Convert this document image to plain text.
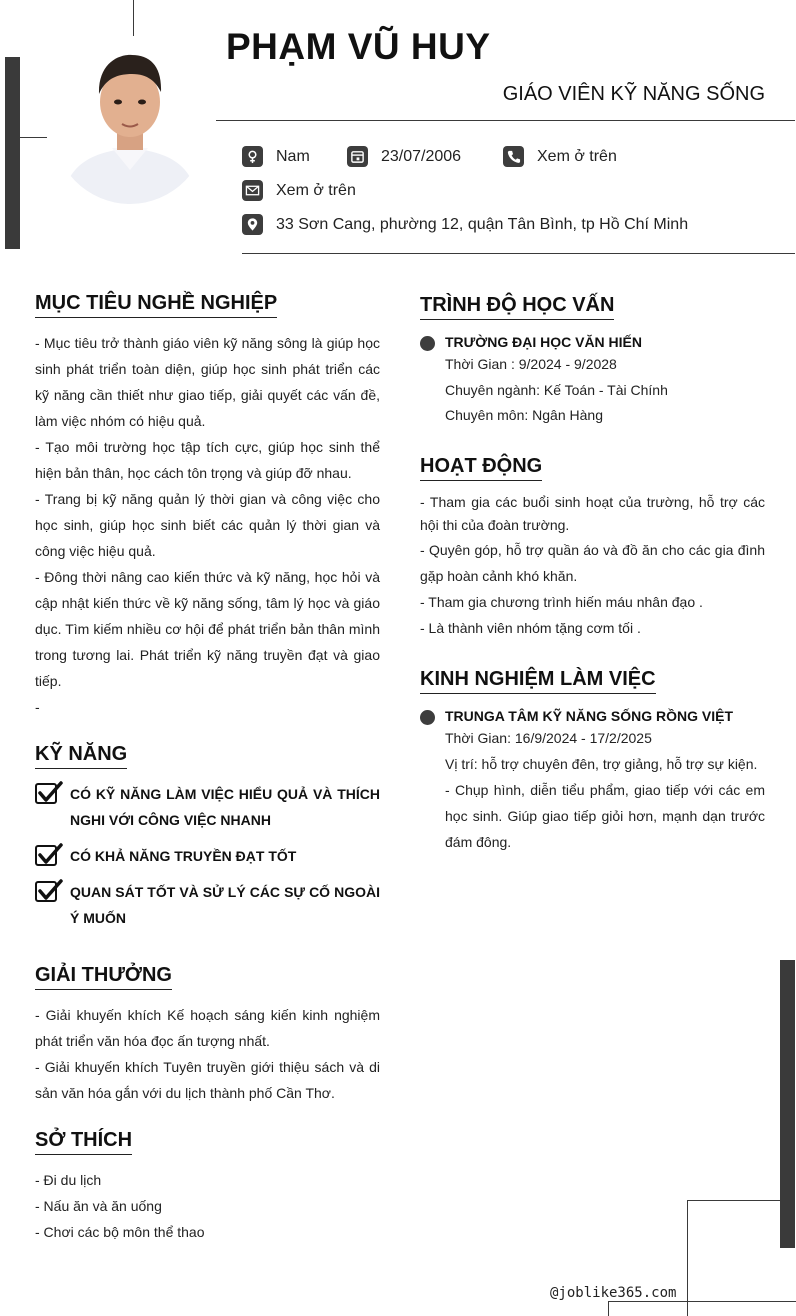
PHẠM VŨ HUY
GIÁO VIÊN KỸ NĂNG SỐNG
Nam	23/07/2006	Xem ở trên
Xem ở trên
33 Sơn Cang, phường 12, quận Tân Bình, tp Hồ Chí Minh
MỤC TIÊU NGHỀ NGHIỆP

- Mục tiêu trở thành giáo viên kỹ năng sông là giúp học sinh phát triển toàn diện, giúp học sinh phát triển các kỹ năng cần thiết như giao tiếp, giải quyết các vấn đề, làm việc nhóm có hiệu quả.

- Tạo môi trường học tập tích cực, giúp học sinh thể hiện bản thân, học cách tôn trọng và giúp đỡ nhau.

- Trang bị kỹ năng quản lý thời gian và công việc cho học sinh, giúp học sinh biết các quản lý thời gian và công việc hiệu quả.

- Đông thời nâng cao kiến thức và kỹ năng, học hỏi và cập nhật kiến thức về kỹ năng sống, tâm lý học và giáo dục. Tìm kiếm nhiều cơ hội để phát triển bản thân mình trong tương lai. Phát triển kỹ năng truyền đạt và giao tiếp.

-

KỸ NĂNG
CÓ KỸ NĂNG LÀM VIỆC HIỂU QUẢ VÀ THÍCH NGHI VỚI CÔNG VIỆC NHANH
CÓ KHẢ NĂNG TRUYỀN ĐẠT TỐT
QUAN SÁT TỐT VÀ SỬ LÝ CÁC SỰ CỐ NGOÀI Ý MUỐN
GIẢI THƯỞNG

- Giải khuyến khích Kế hoạch sáng kiến kinh nghiệm phát triển văn hóa đọc ấn tượng nhất.

- Giải khuyến khích Tuyên truyền giới thiệu sách và di sản văn hóa gắn với du lịch thành phố Cần Thơ.

SỞ THÍCH

- Đi du lịch

- Nấu ăn và ăn uống

- Chơi các bộ môn thể thao

TRÌNH ĐỘ HỌC VẤN
TRƯỜNG ĐẠI HỌC VĂN HIẾN
Thời Gian : 9/2024 - 9/2028
Chuyên ngành: Kế Toán - Tài Chính
Chuyên môn: Ngân Hàng
HOẠT ĐỘNG

- Tham gia các buổi sinh hoạt của trường, hỗ trợ các hội thi của đoàn trường.

- Quyên góp, hỗ trợ quần áo và đồ ăn cho các gia đình gặp hoàn cảnh khó khăn.

- Tham gia chương trình hiến máu nhân đạo .

- Là thành viên nhóm tặng cơm tối .

KINH NGHIỆM LÀM VIỆC
TRUNGA TÂM KỸ NĂNG SỐNG RỒNG VIỆT
Thời Gian: 16/9/2024 - 17/2/2025
Vị trí: hỗ trợ chuyên đên, trợ giảng, hỗ trợ sự kiện.
- Chụp hình, diễn tiểu phẩm, giao tiếp với các em học sinh. Giúp giao tiếp giỏi hơn, mạnh dạn trước đám đông.
@joblike365.com
